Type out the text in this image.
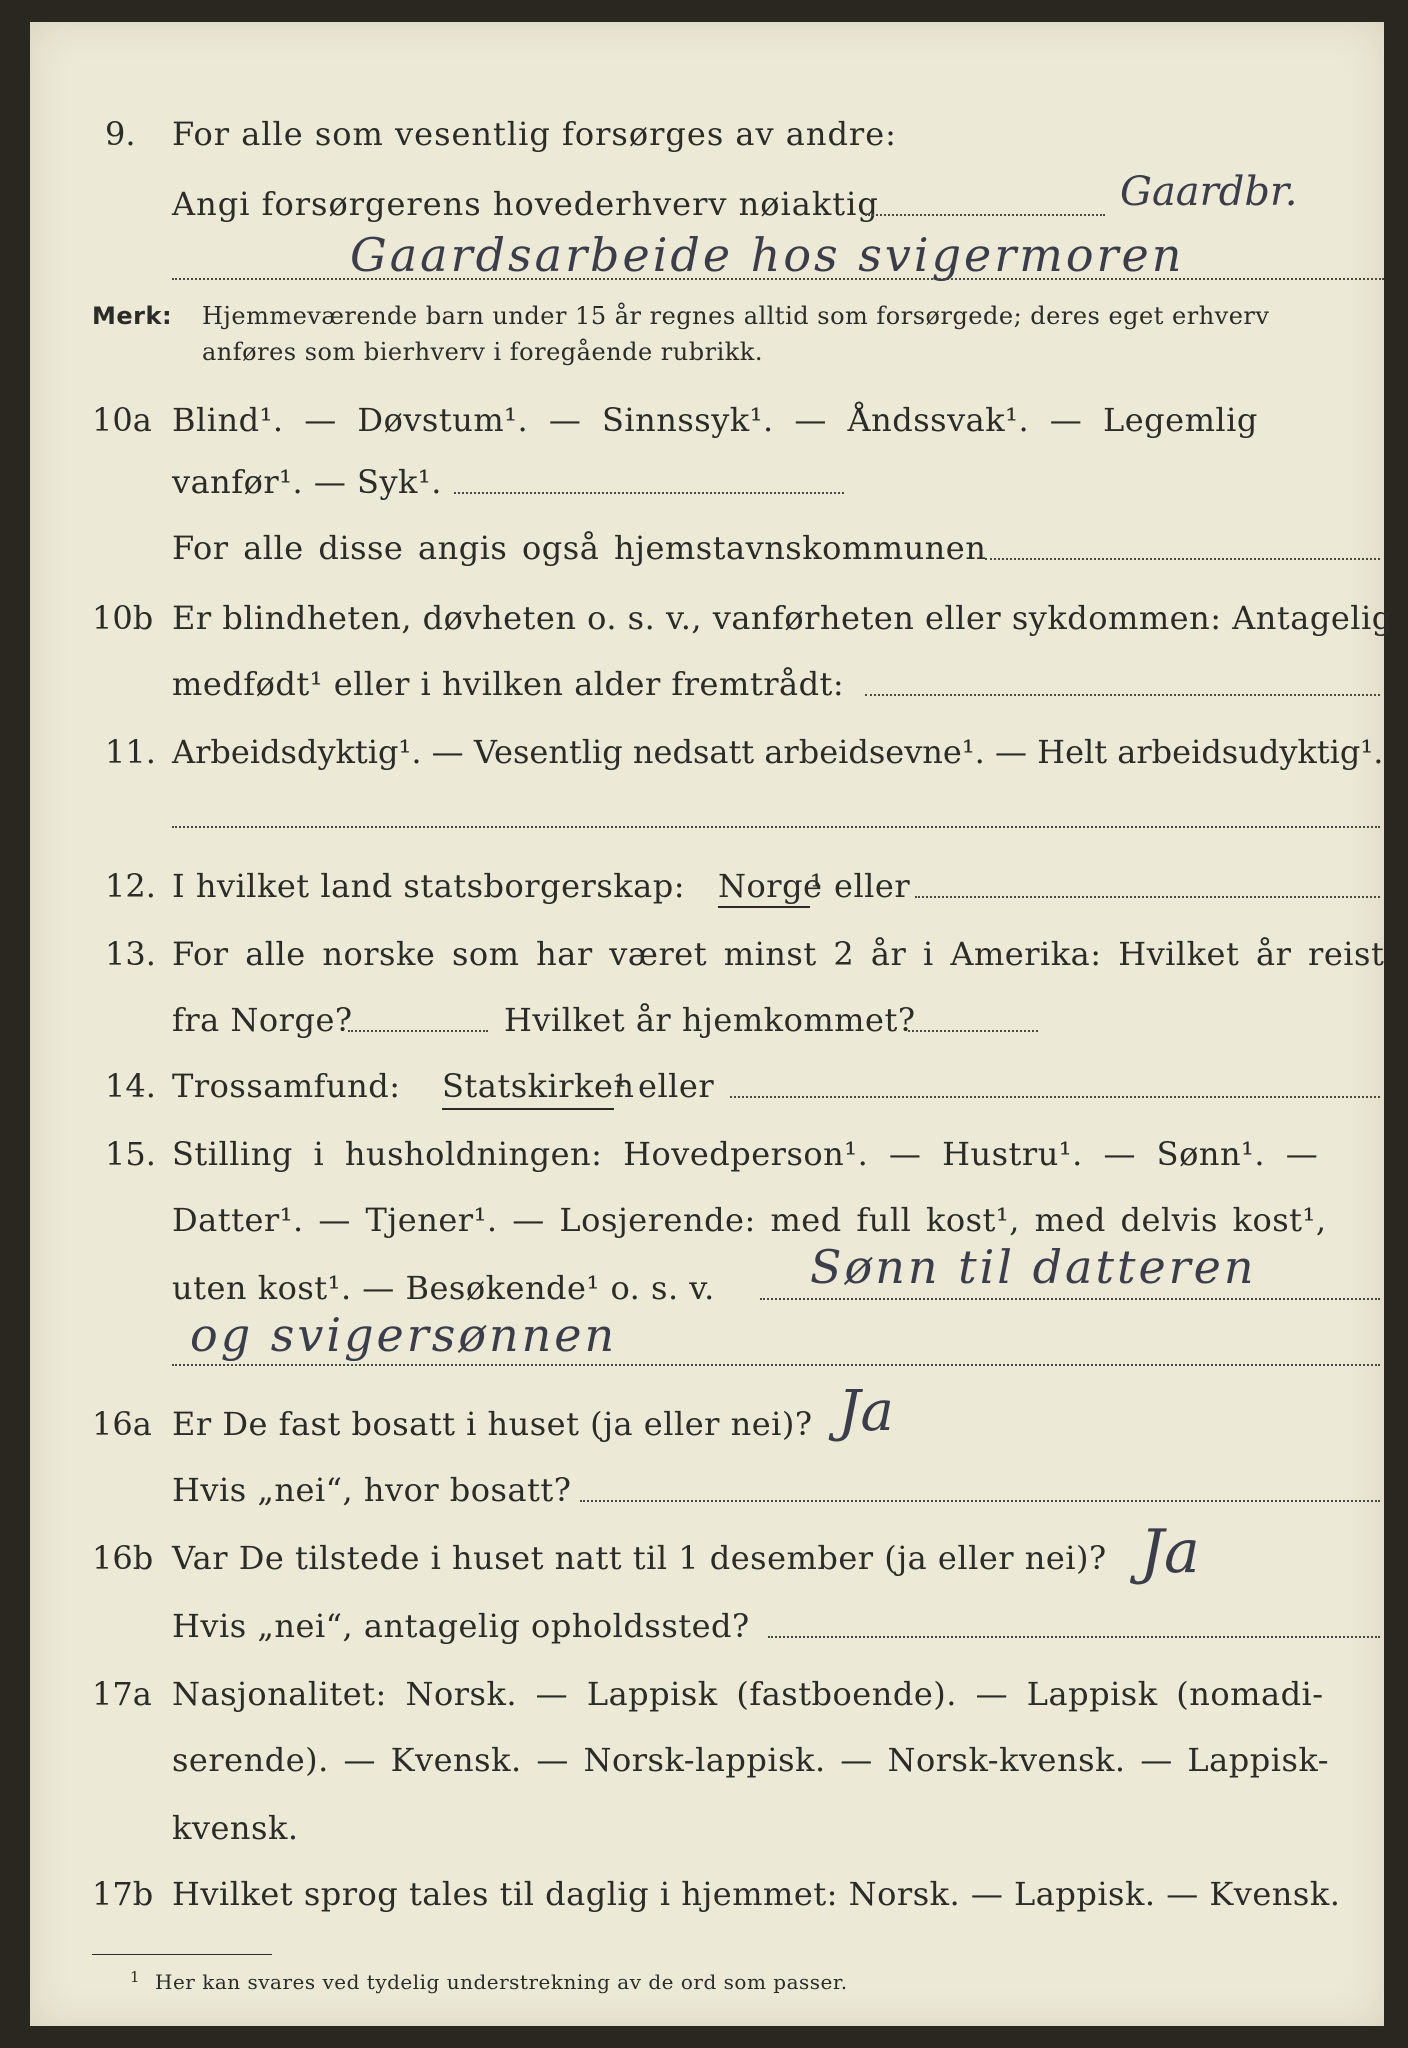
9. For alle som vesentlig forsørges av andre:
Angi forsørgerens hovederhverv nøiaktig	Gaardbr.
Gaardsarbeide hos svigermoren
Merk: Hjemmeværende barn under 15 år regnes alltid som forsørgede; deres eget erhverv
anføres som bierhverv i foregående rubrikk.
10a Blind¹. — Døvstum¹. — Sinnssyk¹. — Åndssvak¹. — Legemlig
vanfør¹. — Syk¹.
For alle disse angis også hjemstavnskommunen
10b Er blindheten, døvheten o. s. v., vanførheten eller sykdommen: Antagelig
medfødt¹ eller i hvilken alder fremtrådt:
11. Arbeidsdyktig¹. — Vesentlig nedsatt arbeidsevne¹. — Helt arbeidsudyktig¹.
12. I hvilket land statsborgerskap: Norge
¹ eller
13. For alle norske som har været minst 2 år i Amerika: Hvilket år reist
fra Norge?	Hvilket år hjemkommet?
14. Trossamfund: Statskirken
¹ eller
15. Stilling i husholdningen: Hovedperson¹. — Hustru¹. — Sønn¹. —
Datter¹. — Tjener¹. — Losjerende: med full kost¹, med delvis kost¹,
uten kost¹. — Besøkende¹ o. s. v. Sønn til datteren
og svigersønnen
16a Er De fast bosatt i huset (ja eller nei)? Ja
Hvis „nei“, hvor bosatt?
16b Var De tilstede i huset natt til 1 desember (ja eller nei)? Ja
Hvis „nei“, antagelig opholdssted?
17a Nasjonalitet: Norsk. — Lappisk (fastboende). — Lappisk (nomadi-
serende). — Kvensk. — Norsk-lappisk. — Norsk-kvensk. — Lappisk-
kvensk.
17b Hvilket sprog tales til daglig i hjemmet: Norsk. — Lappisk. — Kvensk.
1 Her kan svares ved tydelig understrekning av de ord som passer.
